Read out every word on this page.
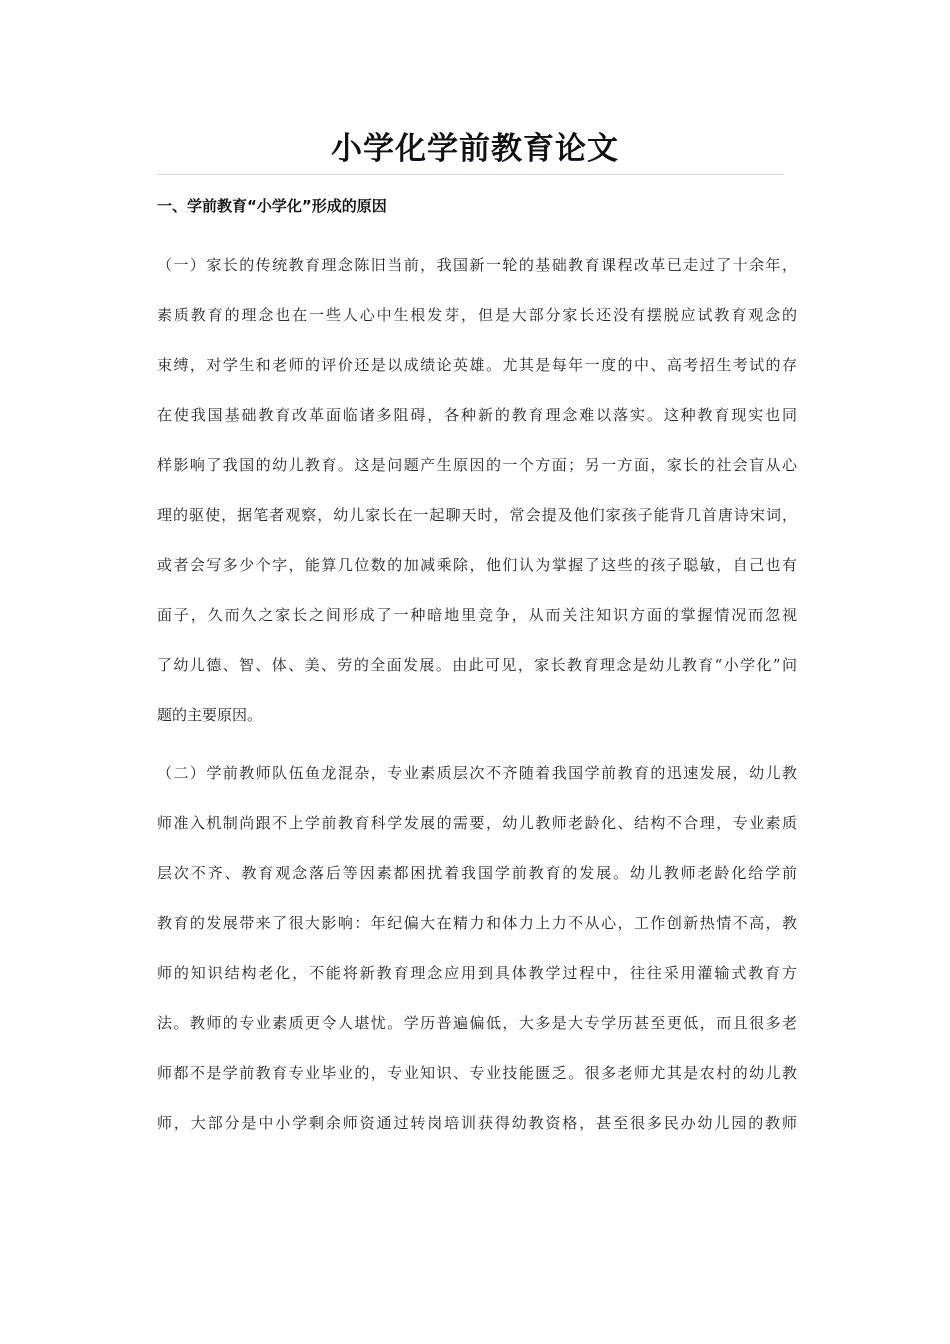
小学化学前教育论文
一、学前教育“小学化”形成的原因
（一）家长的传统教育理念陈旧当前，我国新一轮的基础教育课程改革已走过了十余年，
素质教育的理念也在一些人心中生根发芽，但是大部分家长还没有摆脱应试教育观念的
束缚，对学生和老师的评价还是以成绩论英雄。尤其是每年一度的中、高考招生考试的存
在使我国基础教育改革面临诸多阻碍，各种新的教育理念难以落实。这种教育现实也同
样影响了我国的幼儿教育。这是问题产生原因的一个方面；另一方面，家长的社会盲从心
理的驱使，据笔者观察，幼儿家长在一起聊天时，常会提及他们家孩子能背几首唐诗宋词，
或者会写多少个字，能算几位数的加减乘除，他们认为掌握了这些的孩子聪敏，自己也有
面子，久而久之家长之间形成了一种暗地里竞争，从而关注知识方面的掌握情况而忽视
了幼儿德、智、体、美、劳的全面发展。由此可见，家长教育理念是幼儿教育“小学化”问
题的主要原因。
（二）学前教师队伍鱼龙混杂，专业素质层次不齐随着我国学前教育的迅速发展，幼儿教
师准入机制尚跟不上学前教育科学发展的需要，幼儿教师老龄化、结构不合理，专业素质
层次不齐、教育观念落后等因素都困扰着我国学前教育的发展。幼儿教师老龄化给学前
教育的发展带来了很大影响：年纪偏大在精力和体力上力不从心，工作创新热情不高，教
师的知识结构老化，不能将新教育理念应用到具体教学过程中，往往采用灌输式教育方
法。教师的专业素质更令人堪忧。学历普遍偏低，大多是大专学历甚至更低，而且很多老
师都不是学前教育专业毕业的，专业知识、专业技能匮乏。很多老师尤其是农村的幼儿教
师，大部分是中小学剩余师资通过转岗培训获得幼教资格，甚至很多民办幼儿园的教师
